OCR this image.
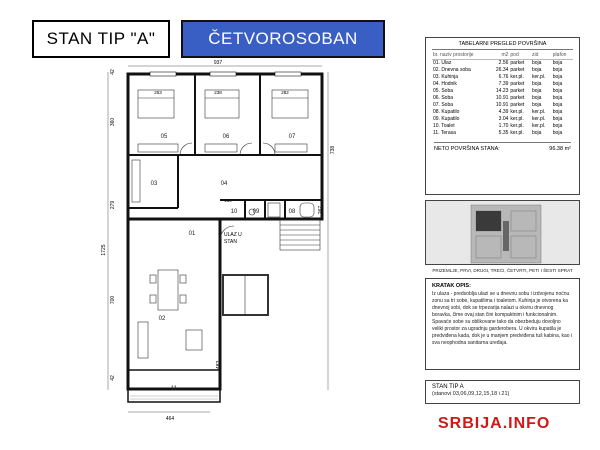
STAN TIP "A"	ČETVOROSOBAN
937
464
1725
360
279
700
42
42
738
267
482
253	238	282
130
05	06	07
03	04
10	09	08
01
02
11
ULAZ U
STAN
TABELARNI PREGLED POVRŠINA
br. naziv prostorije	m2	pod	zid	plafon
01. Ulaz	2.56	parket	boja	boja
02. Dnevna soba	26.34	parket	boja	boja
03. Kuhinja	6.76	ker.pl.	ker.pl.	boja
04. Hodnik	7.39	parket	boja	boja
05. Soba	14.23	parket	boja	boja
06. Soba	10.91	parket	boja	boja
07. Soba	10.91	parket	boja	boja
08. Kupatilo	4.39	ker.pl.	ker.pl.	boja
09. Kupatilo	3.04	ker.pl.	ker.pl.	boja
10. Toalet	1.70	ker.pl.	ker.pl.	boja
11. Terasa	5.35	ker.pl.	boja	boja
NETO POVRŠINA STANA:	96.38 m²
PRIZEMLJE, PRVI, DRUGI, TREĆI, ČETVRTI, PETI I ŠESTI SPRAT
KRATAK OPIS:
Iz ulaza - predsoblja ulazi se u dnevnu sobu i izdvojenu noćnu zonu sa tri sobe, kupatilima i toaletom. Kuhinja je otvorena ka dnevnoj sobi, dok se trpezarija nalazi u okviru dnevnog boravka, čime ovaj stan čini kompaktnim i funkcionalnim. Spavaće sobe su oblikovane tako da obezbeduju dovoljno veliki prostor za ugradnju garderobera. U okviru kupatila je predviđena kada, dok je u manjem predviđena tuš kabina, kao i sva neophodna sanitarna uređaja.
STAN TIP A
(stanovi 03,06,09,12,15,18 i 21)
SRBIJA.INFO
